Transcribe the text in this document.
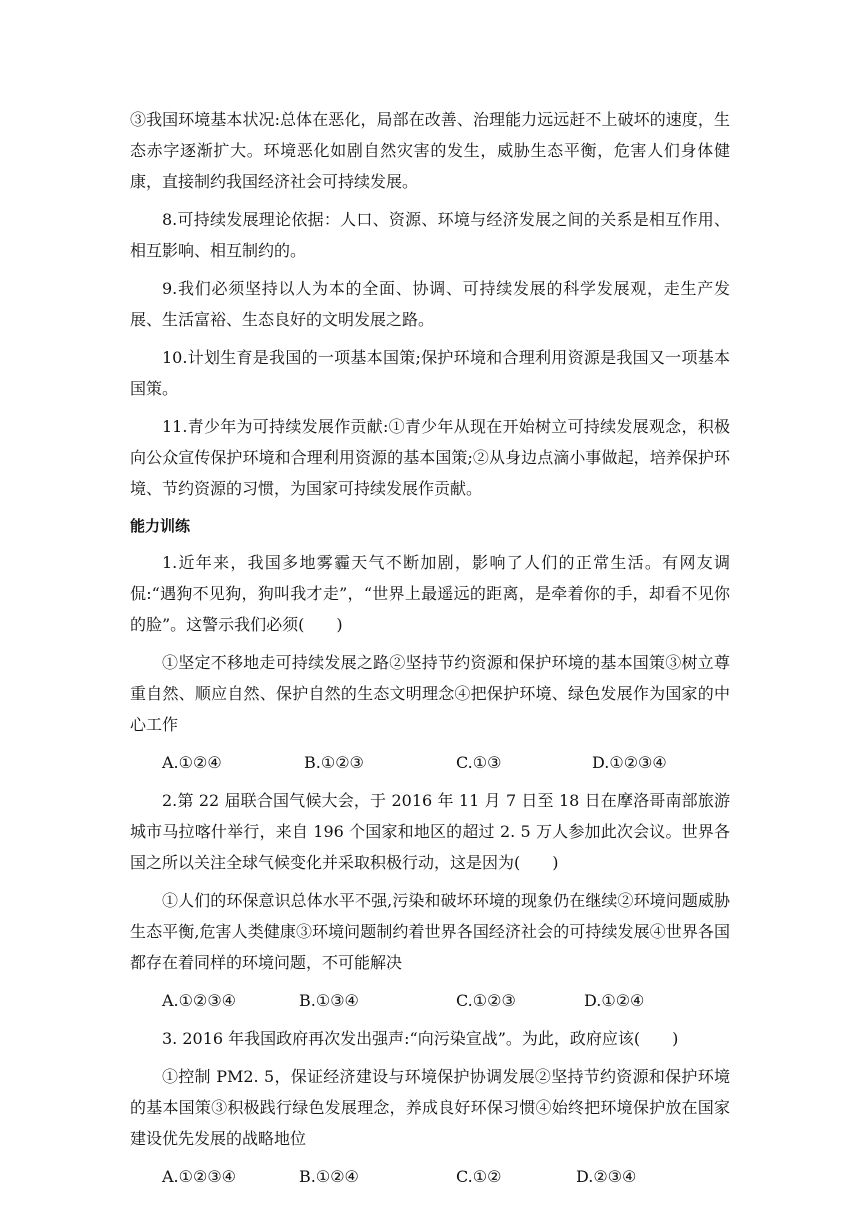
③我国环境基本状况:总体在恶化，局部在改善、治理能力远远赶不上破坏的速度，生态赤字逐渐扩大。环境恶化如剧自然灾害的发生，威胁生态平衡，危害人们身体健康，直接制约我国经济社会可持续发展。

8.可持续发展理论依据：人口、资源、环境与经济发展之间的关系是相互作用、相互影响、相互制约的。

9.我们必须坚持以人为本的全面、协调、可持续发展的科学发展观，走生产发展、生活富裕、生态良好的文明发展之路。

10.计划生育是我国的一项基本国策;保护环境和合理利用资源是我国又一项基本国策。

11.青少年为可持续发展作贡献:①青少年从现在开始树立可持续发展观念，积极向公众宣传保护环境和合理利用资源的基本国策;②从身边点滴小事做起，培养保护环境、节约资源的习惯，为国家可持续发展作贡献。

能力训练

1.近年来，我国多地雾霾天气不断加剧，影响了人们的正常生活。有网友调侃:“遇狗不见狗，狗叫我才走”，“世界上最遥远的距离，是牵着你的手，却看不见你的脸”。这警示我们必须(　　)

①坚定不移地走可持续发展之路②坚持节约资源和保护环境的基本国策③树立尊重自然、顺应自然、保护自然的生态文明理念④把保护环境、绿色发展作为国家的中心工作

A.①②④	B.①②③	C.①③	D.①②③④

2.第 22 届联合国气候大会，于 2016 年 11 月 7 日至 18 日在摩洛哥南部旅游城市马拉喀什举行，来自 196 个国家和地区的超过 2. 5 万人参加此次会议。世界各国之所以关注全球气候变化并采取积极行动，这是因为(　　)

①人们的环保意识总体水平不强,污染和破坏环境的现象仍在继续②环境问题威胁生态平衡,危害人类健康③环境问题制约着世界各国经济社会的可持续发展④世界各国都存在着同样的环境问题，不可能解决

A.①②③④	B.①③④	C.①②③	D.①②④

3. 2016 年我国政府再次发出强声:“向污染宣战”。为此，政府应该(　　)

①控制 PM2. 5，保证经济建设与环境保护协调发展②坚持节约资源和保护环境的基本国策③积极践行绿色发展理念，养成良好环保习惯④始终把环境保护放在国家建设优先发展的战略地位

A.①②③④	B.①②④	C.①②	D.②③④
